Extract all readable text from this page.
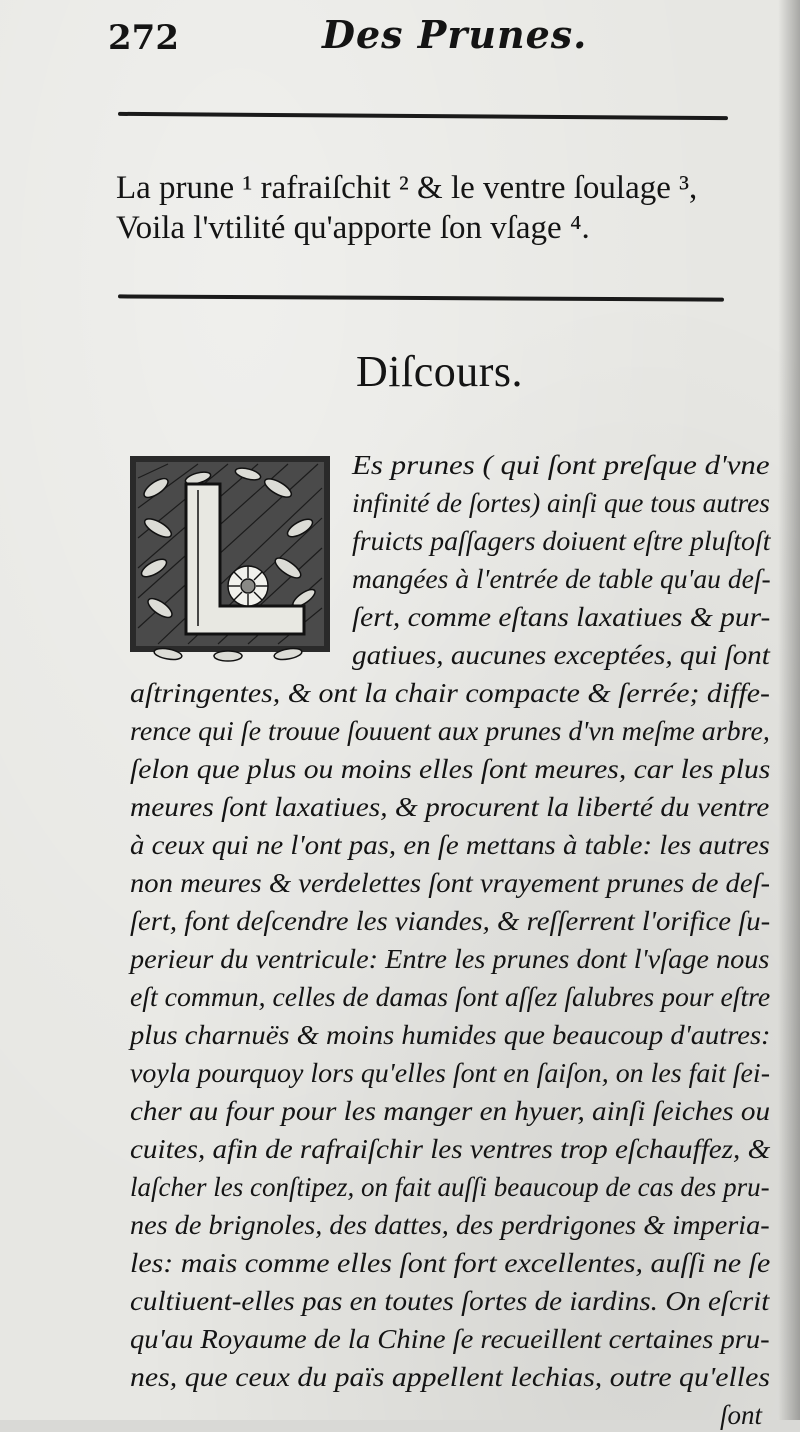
272	Des Prunes.
La prune ¹ rafraiſchit ² & le ventre ſoulage ³,
Voila l'vtilité qu'apporte ſon vſage ⁴.
Diſcours.
Es prunes ( qui ſont preſque d'vne
infinité de ſortes) ainſi que tous autres
fruicts paſſagers doiuent eſtre pluſtoſt
mangées à l'entrée de table qu'au deſ-
ſert, comme eſtans laxatiues & pur-
gatiues, aucunes exceptées, qui ſont
aſtringentes, & ont la chair compacte & ſerrée; diffe-
rence qui ſe trouue ſouuent aux prunes d'vn meſme arbre,
ſelon que plus ou moins elles ſont meures, car les plus
meures ſont laxatiues, & procurent la liberté du ventre
à ceux qui ne l'ont pas, en ſe mettans à table: les autres
non meures & verdelettes ſont vrayement prunes de deſ-
ſert, font deſcendre les viandes, & reſſerrent l'orifice ſu-
perieur du ventricule: Entre les prunes dont l'vſage nous
eſt commun, celles de damas ſont aſſez ſalubres pour eſtre
plus charnuës & moins humides que beaucoup d'autres:
voyla pourquoy lors qu'elles ſont en ſaiſon, on les fait ſei-
cher au four pour les manger en hyuer, ainſi ſeiches ou
cuites, afin de rafraiſchir les ventres trop eſchauffez, &
laſcher les conſtipez, on fait auſſi beaucoup de cas des pru-
nes de brignoles, des dattes, des perdrigones & imperia-
les: mais comme elles ſont fort excellentes, auſſi ne ſe
cultiuent-elles pas en toutes ſortes de iardins. On eſcrit
qu'au Royaume de la Chine ſe recueillent certaines pru-
nes, que ceux du païs appellent lechias, outre qu'elles
ſont
